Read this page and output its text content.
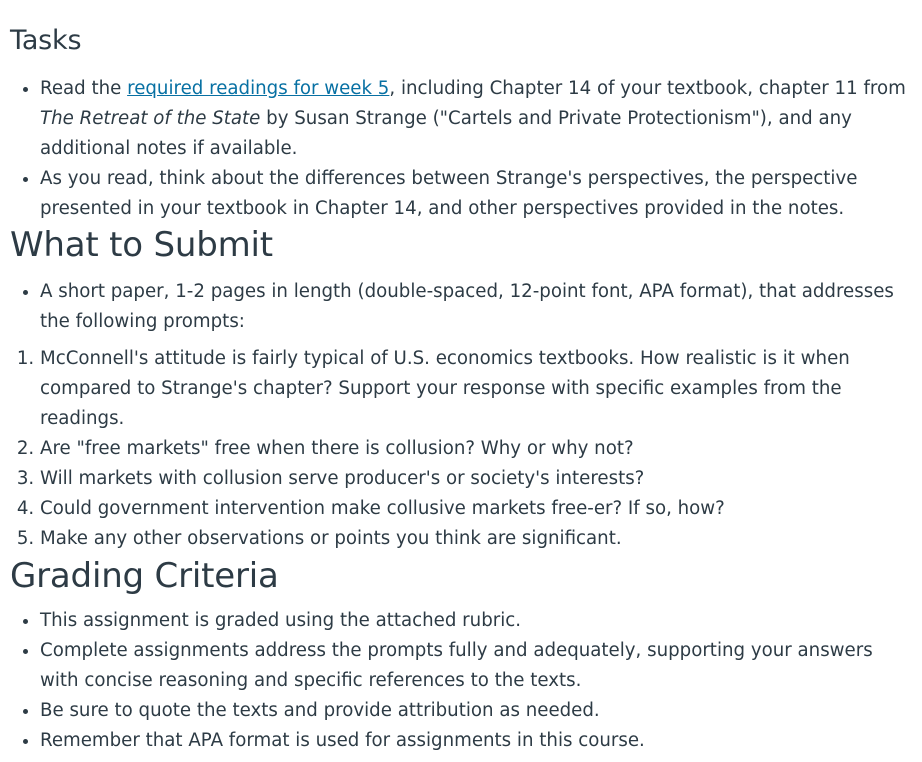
Tasks
• Read the required readings for week 5, including Chapter 14 of your textbook, chapter 11 from The Retreat of the State by Susan Strange ("Cartels and Private Protectionism"), and any additional notes if available.
• As you read, think about the differences between Strange's perspectives, the perspective presented in your textbook in Chapter 14, and other perspectives provided in the notes.
What to Submit
• A short paper, 1-2 pages in length (double-spaced, 12-point font, APA format), that addresses the following prompts:
1. McConnell's attitude is fairly typical of U.S. economics textbooks. How realistic is it when compared to Strange's chapter? Support your response with specific examples from the readings.
2. Are "free markets" free when there is collusion? Why or why not?
3. Will markets with collusion serve producer's or society's interests?
4. Could government intervention make collusive markets free-er? If so, how?
5. Make any other observations or points you think are significant.
Grading Criteria
• This assignment is graded using the attached rubric.
• Complete assignments address the prompts fully and adequately, supporting your answers with concise reasoning and specific references to the texts.
• Be sure to quote the texts and provide attribution as needed.
• Remember that APA format is used for assignments in this course.
